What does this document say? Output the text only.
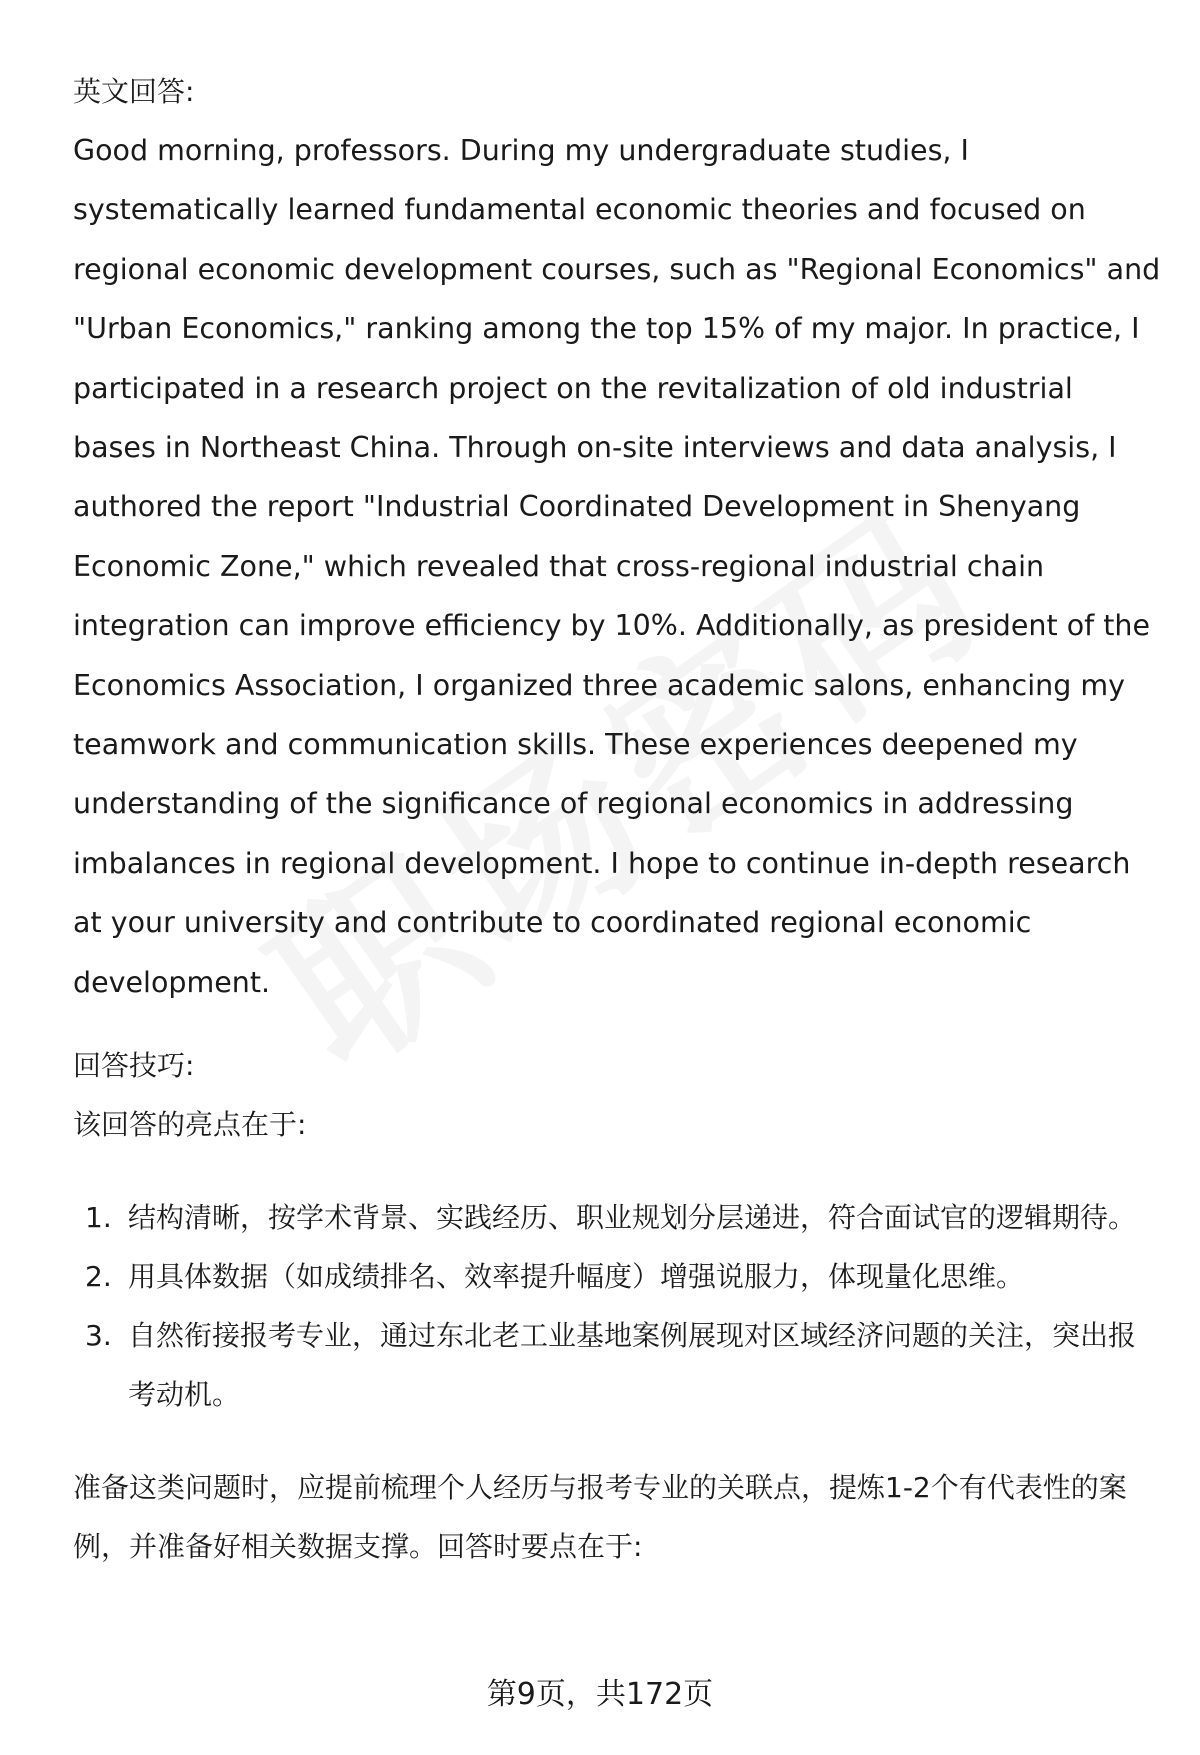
英文回答:

Good morning, professors. During my undergraduate studies, I systematically learned fundamental economic theories and focused on regional economic development courses, such as "Regional Economics" and "Urban Economics," ranking among the top 15% of my major. In practice, I participated in a research project on the revitalization of old industrial bases in Northeast China. Through on-site interviews and data analysis, I authored the report "Industrial Coordinated Development in Shenyang Economic Zone," which revealed that cross-regional industrial chain integration can improve efficiency by 10%. Additionally, as president of the Economics Association, I organized three academic salons, enhancing my teamwork and communication skills. These experiences deepened my understanding of the significance of regional economics in addressing imbalances in regional development. I hope to continue in-depth research at your university and contribute to coordinated regional economic development.

回答技巧:

该回答的亮点在于:

1. 结构清晰，按学术背景、实践经历、职业规划分层递进，符合面试官的逻辑期待。
2. 用具体数据（如成绩排名、效率提升幅度）增强说服力，体现量化思维。
3. 自然衔接报考专业，通过东北老工业基地案例展现对区域经济问题的关注，突出报考动机。

准备这类问题时，应提前梳理个人经历与报考专业的关联点，提炼1-2个有代表性的案例，并准备好相关数据支撑。回答时要点在于:

第9页，共172页
